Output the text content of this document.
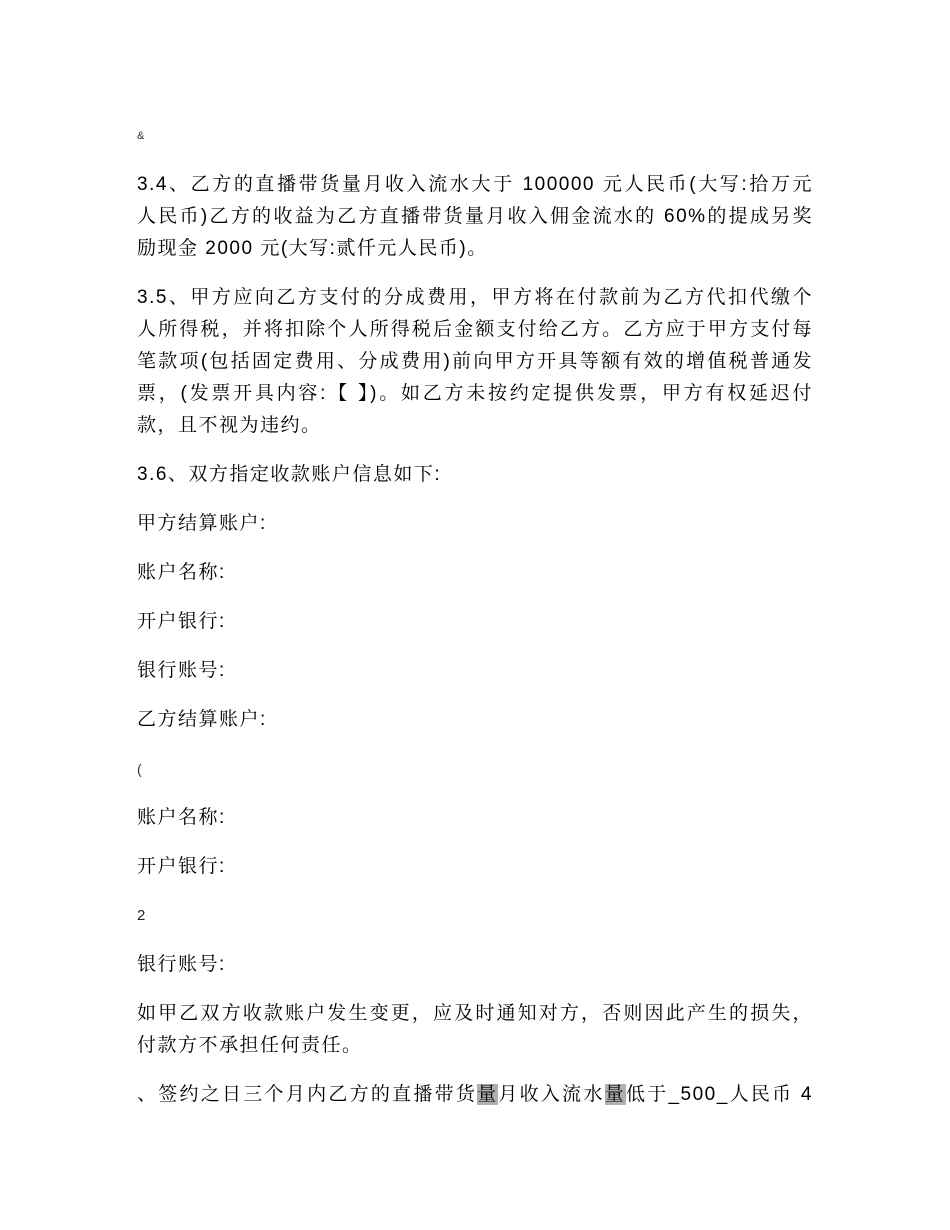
&
3.4、乙方的直播带货量月收入流水大于 100000 元人民币(大写:拾万元
人民币)乙方的收益为乙方直播带货量月收入佣金流水的 60%的提成另奖
励现金 2000 元(大写:贰仟元人民币)。
3.5、甲方应向乙方支付的分成费用，甲方将在付款前为乙方代扣代缴个
人所得税，并将扣除个人所得税后金额支付给乙方。乙方应于甲方支付每
笔款项(包括固定费用、分成费用)前向甲方开具等额有效的增值税普通发
票，(发票开具内容:【 】)。如乙方未按约定提供发票，甲方有权延迟付
款，且不视为违约。
3.6、双方指定收款账户信息如下:
甲方结算账户:
账户名称:
开户银行:
银行账号:
乙方结算账户:
(
账户名称:
开户银行:
2
银行账号:
如甲乙双方收款账户发生变更，应及时通知对方，否则因此产生的损失，
付款方不承担任何责任。
、签约之日三个月内乙方的直播带货量月收入流水量低于_500_人民币 4
